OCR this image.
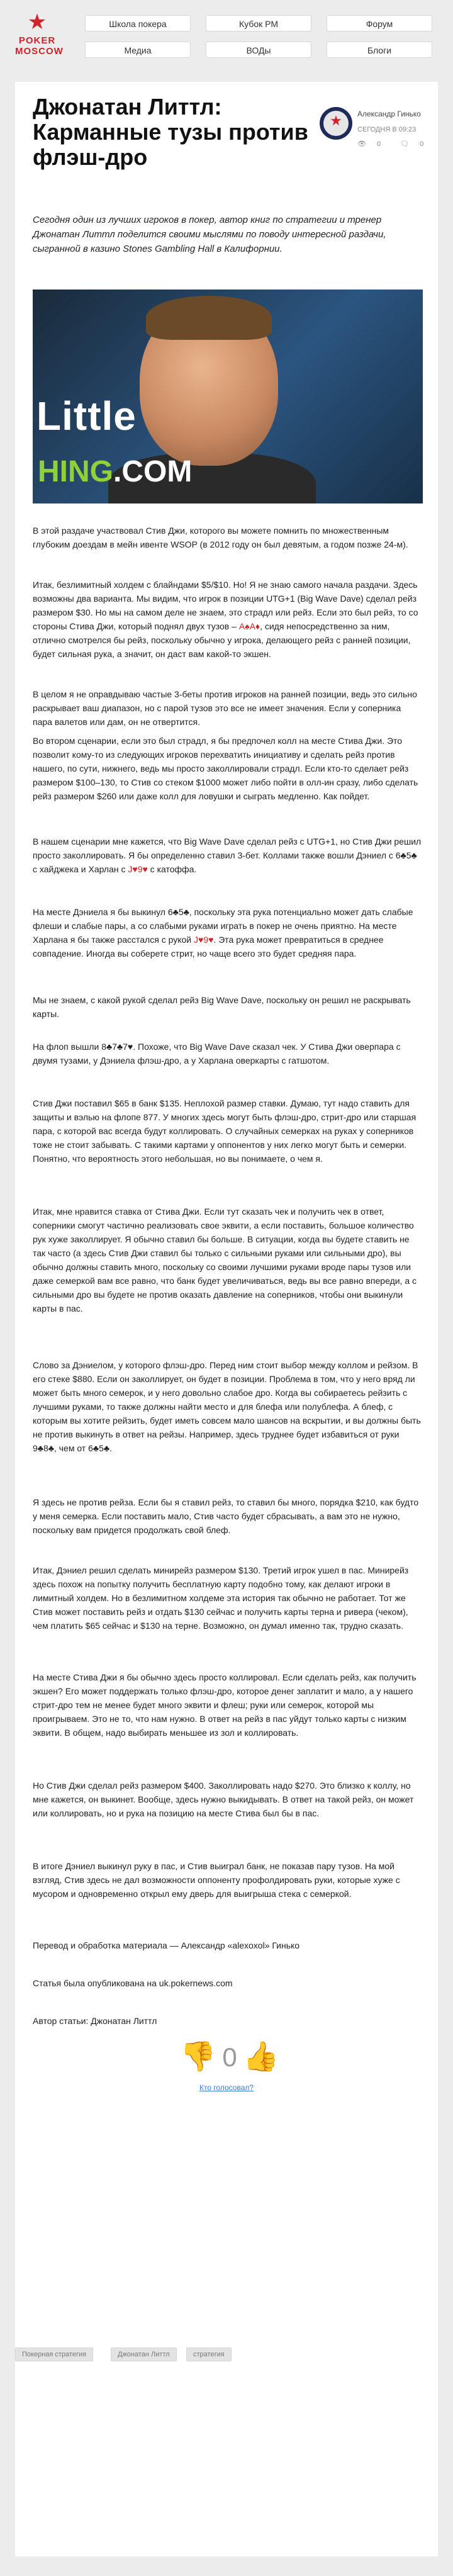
★
POKER
MOSCOW
Школа покера	Кубок РМ	Форум
Медиа	ВОДы	Блоги
Джонатан Литтл: Карманные тузы против флэш-дро
★	Александр Гинько
СЕГОДНЯ В 09:23
👁 0	🗨 0

Сегодня один из лучших игроков в покер, автор книг по стратегии и тренер Джонатан Литтл поделится своими мыслями по поводу интересной раздачи, сыгранной в казино Stones Gambling Hall в Калифорнии.

Little
HING.COM

В этой раздаче участвовал Стив Джи, которого вы можете помнить по множественным глубоким доездам в мейн ивенте WSOP (в 2012 году он был девятым, а годом позже 24-м).

Итак, безлимитный холдем с блайндами $5/$10. Но! Я не знаю самого начала раздачи. Здесь возможны два варианта. Мы видим, что игрок в позиции UTG+1 (Big Wave Dave) сделал рейз размером $30. Но мы на самом деле не знаем, это страдл или рейз. Если это был рейз, то со стороны Стива Джи, который поднял двух тузов – A♠A♦, сидя непосредственно за ним, отлично смотрелся бы рейз, поскольку обычно у игрока, делающего рейз с ранней позиции, будет сильная рука, а значит, он даст вам какой-то экшен.

В целом я не оправдываю частые 3-беты против игроков на ранней позиции, ведь это сильно раскрывает ваш диапазон, но с парой тузов это все не имеет значения. Если у соперника пара валетов или дам, он не отвертится.

Во втором сценарии, если это был страдл, я бы предпочел колл на месте Стива Джи. Это позволит кому-то из следующих игроков перехватить инициативу и сделать рейз против нашего, по сути, нижнего, ведь мы просто заколлировали страдл. Если кто-то сделает рейз размером $100–130, то Стив со стеком $1000 может либо пойти в олл-ин сразу, либо сделать рейз размером $260 или даже колл для ловушки и сыграть медленно. Как пойдет.

В нашем сценарии мне кажется, что Big Wave Dave сделал рейз с UTG+1, но Стив Джи решил просто заколлировать. Я бы определенно ставил 3-бет. Коллами также вошли Дэниел с 6♣5♣ с хайджека и Харлан с J♥9♥ с катоффа.

На месте Дэниела я бы выкинул 6♣5♣, поскольку эта рука потенциально может дать слабые флеши и слабые пары, а со слабыми руками играть в покер не очень приятно. На месте Харлана я бы также расстался с рукой J♥9♥. Эта рука может превратиться в среднее совпадение. Иногда вы соберете стрит, но чаще всего это будет средняя пара.

Мы не знаем, с какой рукой сделал рейз Big Wave Dave, поскольку он решил не раскрывать карты.

На флоп вышли 8♣7♣7♥. Похоже, что Big Wave Dave сказал чек. У Стива Джи оверпара с двумя тузами, у Дэниела флэш-дро, а у Харлана оверкарты с гатшотом.

Стив Джи поставил $65 в банк $135. Неплохой размер ставки. Думаю, тут надо ставить для защиты и вэлью на флопе 877. У многих здесь могут быть флэш-дро, стрит-дро или старшая пара, с которой вас всегда будут коллировать. О случайных семерках на руках у соперников тоже не стоит забывать. С такими картами у оппонентов у них легко могут быть и семерки. Понятно, что вероятность этого небольшая, но вы понимаете, о чем я.

Итак, мне нравится ставка от Стива Джи. Если тут сказать чек и получить чек в ответ, соперники смогут частично реализовать свое эквити, а если поставить, большое количество рук хуже заколлирует. Я обычно ставил бы больше. В ситуации, когда вы будете ставить не так часто (а здесь Стив Джи ставил бы только с сильными руками или сильными дро), вы обычно должны ставить много, поскольку со своими лучшими руками вроде пары тузов или даже семеркой вам все равно, что банк будет увеличиваться, ведь вы все равно впереди, а с сильными дро вы будете не против оказать давление на соперников, чтобы они выкинули карты в пас.

Слово за Дэниелом, у которого флэш-дро. Перед ним стоит выбор между коллом и рейзом. В его стеке $880. Если он заколлирует, он будет в позиции. Проблема в том, что у него вряд ли может быть много семерок, и у него довольно слабое дро. Когда вы собираетесь рейзить с лучшими руками, то также должны найти место и для блефа или полублефа. А блеф, с которым вы хотите рейзить, будет иметь совсем мало шансов на вскрытии, и вы должны быть не против выкинуть в ответ на рейзы. Например, здесь труднее будет избавиться от руки 9♣8♣, чем от 6♣5♣.

Я здесь не против рейза. Если бы я ставил рейз, то ставил бы много, порядка $210, как будто у меня семерка. Если поставить мало, Стив часто будет сбрасывать, а вам это не нужно, поскольку вам придется продолжать свой блеф.

Итак, Дэниел решил сделать минирейз размером $130. Третий игрок ушел в пас. Минирейз здесь похож на попытку получить бесплатную карту подобно тому, как делают игроки в лимитный холдем. Но в безлимитном холдеме эта история так обычно не работает. Тот же Стив может поставить рейз и отдать $130 сейчас и получить карты терна и ривера (чеком), чем платить $65 сейчас и $130 на терне. Возможно, он думал именно так, трудно сказать.

На месте Стива Джи я бы обычно здесь просто коллировал. Если сделать рейз, как получить экшен? Его может поддержать только флэш-дро, которое денег заплатит и мало, а у нашего стрит-дро тем не менее будет много эквити и флеш; руки или семерок, которой мы проигрываем. Это не то, что нам нужно. В ответ на рейз в пас уйдут только карты с низким эквити. В общем, надо выбирать меньшее из зол и коллировать.

Но Стив Джи сделал рейз размером $400. Заколлировать надо $270. Это близко к коллу, но мне кажется, он выкинет. Вообще, здесь нужно выкидывать. В ответ на такой рейз, он может или коллировать, но и рука на позицию на месте Стива был бы в пас.

В итоге Дэниел выкинул руку в пас, и Стив выиграл банк, не показав пару тузов. На мой взгляд, Стив здесь не дал возможности оппоненту профолдировать руки, которые хуже с мусором и одновременно открыл ему дверь для выигрыша стека с семеркой.

Перевод и обработка материала — Александр «alexoxol» Гинько

Статья была опубликована на uk.pokernews.com

Автор статьи: Джонатан Литтл

👎 0 👍
Кто голосовал?
Покерная стратегия	Джонатан Литтл	стратегия
